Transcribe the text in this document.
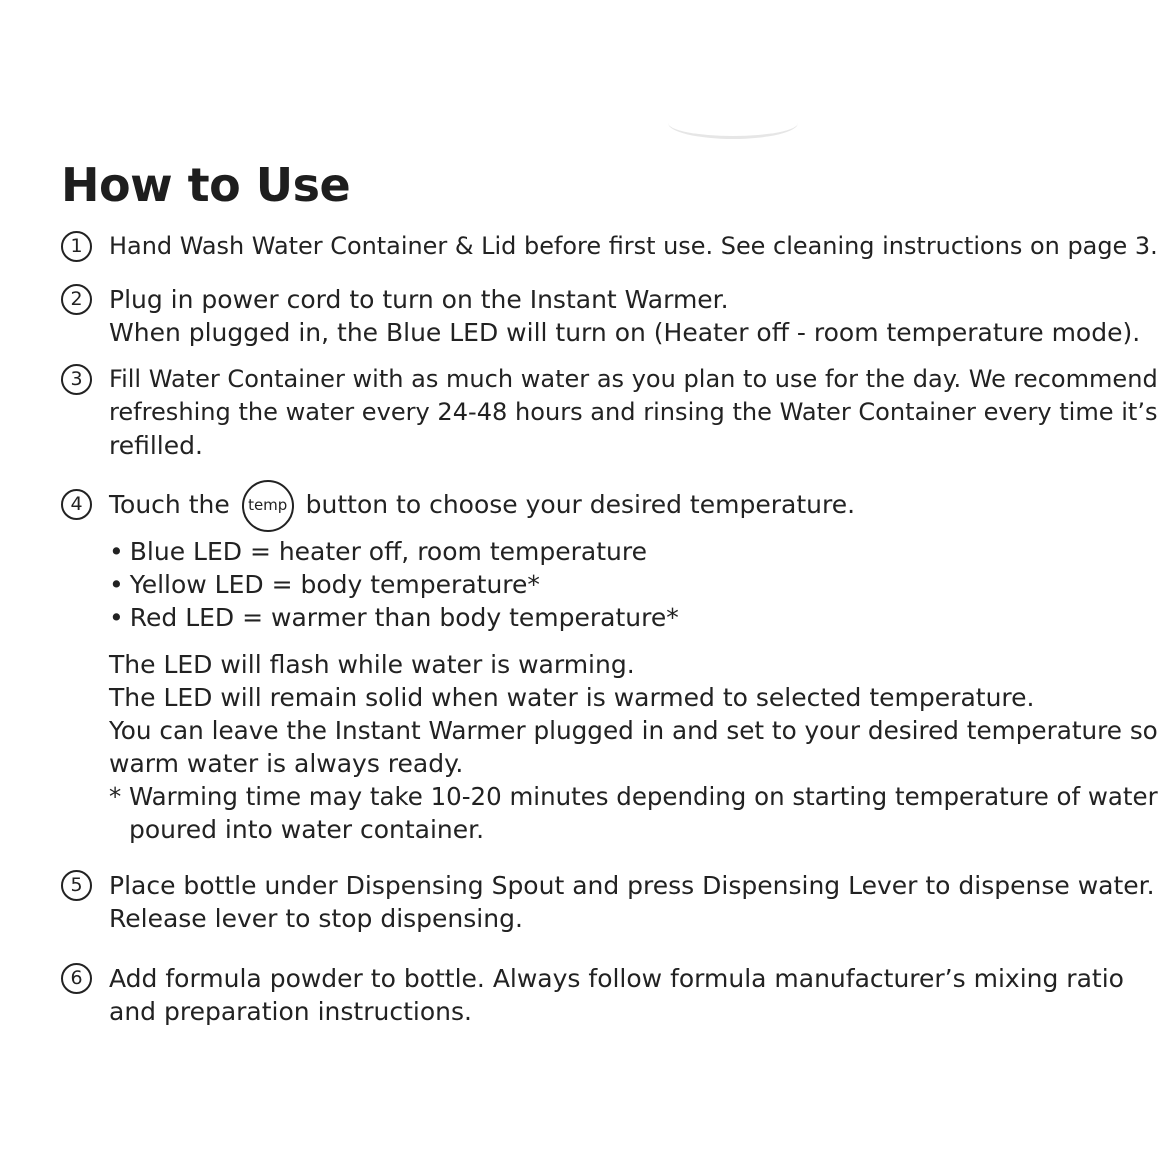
How to Use
1	Hand Wash Water Container & Lid before first use. See cleaning instructions on page 3.

2	Plug in power cord to turn on the Instant Warmer.

When plugged in, the Blue LED will turn on (Heater off - room temperature mode).

3	Fill Water Container with as much water as you plan to use for the day. We recommend

refreshing the water every 24-48 hours and rinsing the Water Container every time it’s

refilled.

4	Touch the temp button to choose your desired temperature.

• Blue LED = heater off, room temperature
• Yellow LED = body temperature*
• Red LED = warmer than body temperature*

The LED will flash while water is warming.

The LED will remain solid when water is warmed to selected temperature.

You can leave the Instant Warmer plugged in and set to your desired temperature so

warm water is always ready.

* Warming time may take 10-20 minutes depending on starting temperature of water

poured into water container.

5	Place bottle under Dispensing Spout and press Dispensing Lever to dispense water.

Release lever to stop dispensing.

6	Add formula powder to bottle. Always follow formula manufacturer’s mixing ratio

and preparation instructions.
